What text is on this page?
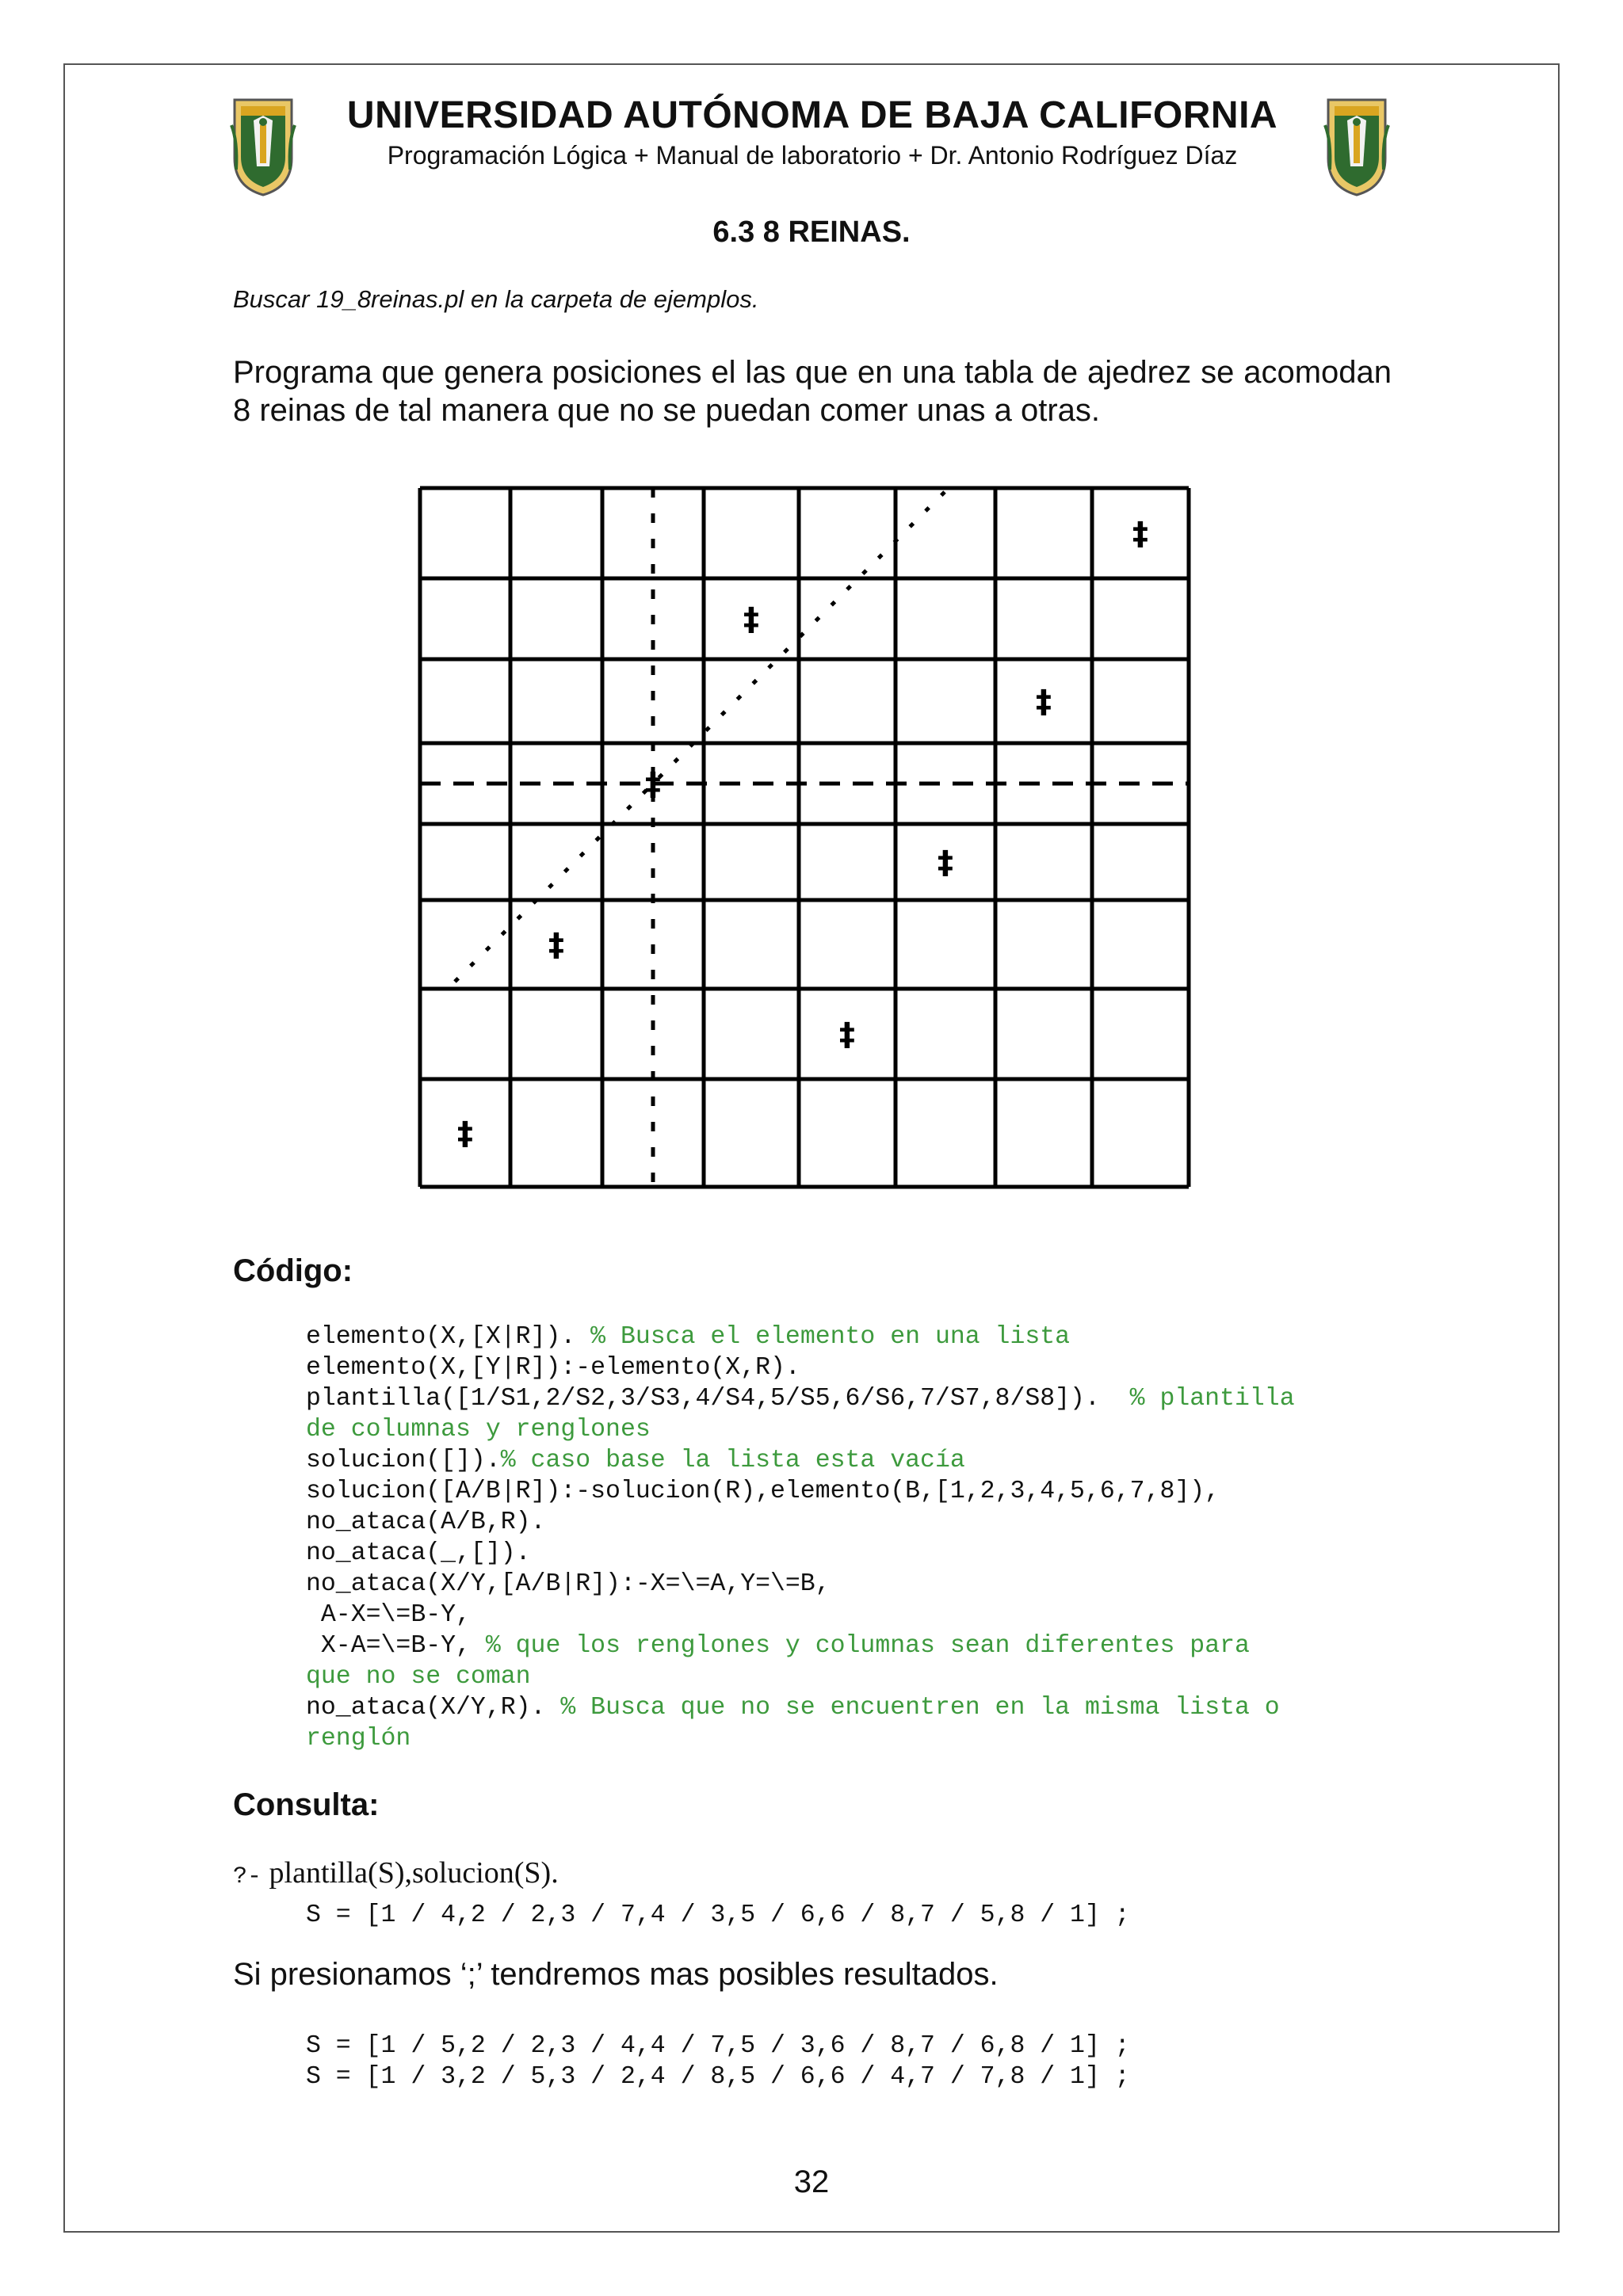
UNIVERSIDAD AUTÓNOMA DE BAJA CALIFORNIA
Programación Lógica + Manual de laboratorio + Dr. Antonio Rodríguez Díaz
6.3 8 REINAS.
Buscar 19_8reinas.pl en la carpeta de ejemplos.
Programa que genera posiciones el las que en una tabla de ajedrez se acomodan 8 reinas de tal manera que no se puedan comer unas a otras.
‡
‡
‡
‡
‡
‡
‡
‡
Código:
elemento(X,[X|R]). % Busca el elemento en una lista
elemento(X,[Y|R]):-elemento(X,R).
plantilla([1/S1,2/S2,3/S3,4/S4,5/S5,6/S6,7/S7,8/S8]).  % plantilla
de columnas y renglones
solucion([]).% caso base la lista esta vacía
solucion([A/B|R]):-solucion(R),elemento(B,[1,2,3,4,5,6,7,8]),
no_ataca(A/B,R).
no_ataca(_,[]).
no_ataca(X/Y,[A/B|R]):-X=\=A,Y=\=B,
A-X=\=B-Y,
X-A=\=B-Y, % que los renglones y columnas sean diferentes para
que no se coman
no_ataca(X/Y,R). % Busca que no se encuentren en la misma lista o
renglón
Consulta:
?- plantilla(S),solucion(S).
S = [1 / 4,2 / 2,3 / 7,4 / 3,5 / 6,6 / 8,7 / 5,8 / 1] ;
Si presionamos ‘;’ tendremos mas posibles resultados.
S = [1 / 5,2 / 2,3 / 4,4 / 7,5 / 3,6 / 8,7 / 6,8 / 1] ;
S = [1 / 3,2 / 5,3 / 2,4 / 8,5 / 6,6 / 4,7 / 7,8 / 1] ;
32
